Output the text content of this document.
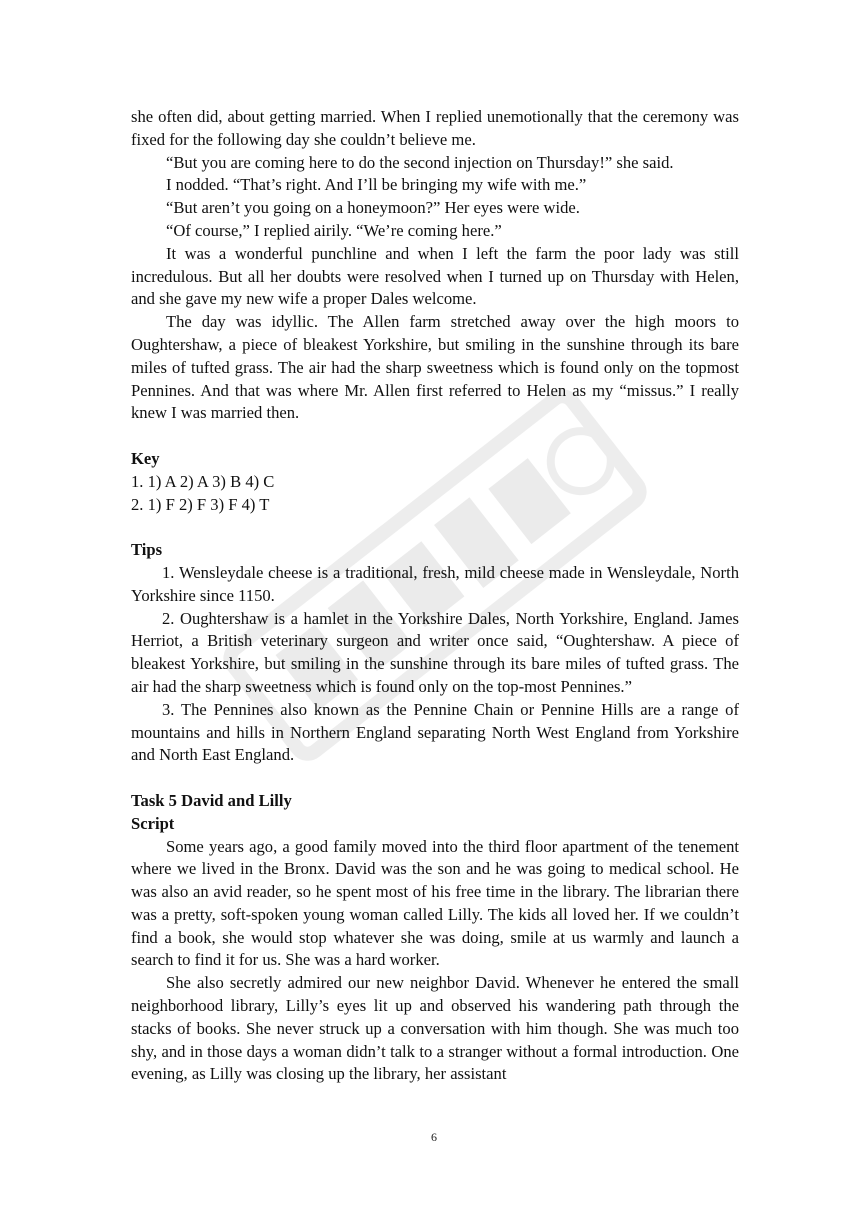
she often did, about getting married. When I replied unemotionally that the ceremony was fixed for the following day she couldn’t believe me.

“But you are coming here to do the second injection on Thursday!” she said.

I nodded. “That’s right. And I’ll be bringing my wife with me.”

“But aren’t you going on a honeymoon?” Her eyes were wide.

“Of course,” I replied airily. “We’re coming here.”

It was a wonderful punchline and when I left the farm the poor lady was still incredulous. But all her doubts were resolved when I turned up on Thursday with Helen, and she gave my new wife a proper Dales welcome.

The day was idyllic. The Allen farm stretched away over the high moors to Oughtershaw, a piece of bleakest Yorkshire, but smiling in the sunshine through its bare miles of tufted grass. The air had the sharp sweetness which is found only on the topmost Pennines. And that was where Mr. Allen first referred to Helen as my “missus.” I really knew I was married then.

Key

1. 1) A 2) A 3) B 4) C

2. 1) F 2) F 3) F 4) T

Tips

1. Wensleydale cheese is a traditional, fresh, mild cheese made in Wensleydale, North Yorkshire since 1150.

2. Oughtershaw is a hamlet in the Yorkshire Dales, North Yorkshire, England. James Herriot, a British veterinary surgeon and writer once said, “Oughtershaw. A piece of bleakest Yorkshire, but smiling in the sunshine through its bare miles of tufted grass. The air had the sharp sweetness which is found only on the top-most Pennines.”

3. The Pennines also known as the Pennine Chain or Pennine Hills are a range of mountains and hills in Northern England separating North West England from Yorkshire and North East England.

Task 5 David and Lilly

Script

Some years ago, a good family moved into the third floor apartment of the tenement where we lived in the Bronx. David was the son and he was going to medical school. He was also an avid reader, so he spent most of his free time in the library. The librarian there was a pretty, soft-spoken young woman called Lilly. The kids all loved her. If we couldn’t find a book, she would stop whatever she was doing, smile at us warmly and launch a search to find it for us. She was a hard worker.

She also secretly admired our new neighbor David. Whenever he entered the small neighborhood library, Lilly’s eyes lit up and observed his wandering path through the stacks of books. She never struck up a conversation with him though. She was much too shy, and in those days a woman didn’t talk to a stranger without a formal introduction. One evening, as Lilly was closing up the library, her assistant

6
